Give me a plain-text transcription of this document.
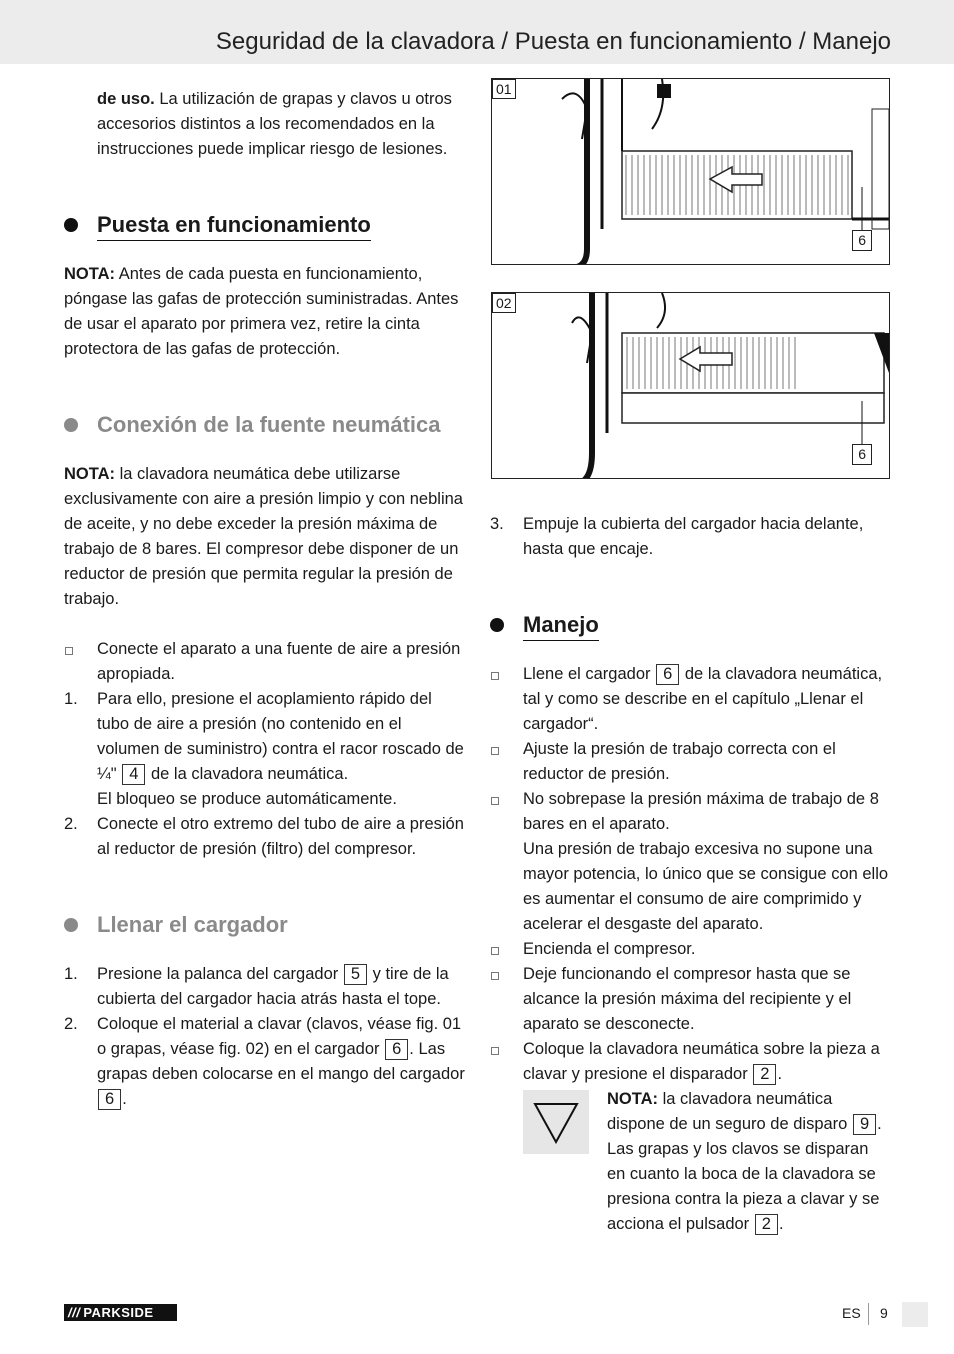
Seguridad de la clavadora / Puesta en funcionamiento / Manejo

de uso. La utilización de grapas y clavos u otros accesorios distintos a los recomendados en la instrucciones puede implicar riesgo de lesiones.

Puesta en funcionamiento

NOTA: Antes de cada puesta en funcionamiento, póngase las gafas de protección suministradas. Antes de usar el aparato por primera vez, retire la cinta protectora de las gafas de protección.

Conexión de la fuente neumática

NOTA: la clavadora neumática debe utilizarse exclusivamente con aire a presión limpio y con neblina de aceite, y no debe exceder la presión máxima de trabajo de 8 bares. El compresor debe disponer de un reductor de presión que permita regular la presión de trabajo.

Conecte el aparato a una fuente de aire a presión apropiada.
1. Para ello, presione el acoplamiento rápido del tubo de aire a presión (no contenido en el volumen de suministro) contra el racor roscado de ¼" 4 de la clavadora neumática.
El bloqueo se produce automáticamente.
2. Conecte el otro extremo del tubo de aire a presión al reductor de presión (filtro) del compresor.
Llenar el cargador
1. Presione la palanca del cargador 5 y tire de la cubierta del cargador hacia atrás hasta el tope.
2. Coloque el material a clavar (clavos, véase fig. 01 o grapas, véase fig. 02) en el cargador 6 . Las grapas deben colocarse en el mango del cargador 6 .
01
6
02
6
3. Empuje la cubierta del cargador hacia delante, hasta que encaje.
Manejo
Llene el cargador 6 de la clavadora neumática, tal y como se describe en el capítulo „Llenar el cargador“.
Ajuste la presión de trabajo correcta con el reductor de presión.
No sobrepase la presión máxima de trabajo de 8 bares en el aparato.
Una presión de trabajo excesiva no supone una mayor potencia, lo único que se consigue con ello es aumentar el consumo de aire comprimido y acelerar el desgaste del aparato.
Encienda el compresor.
Deje funcionando el compresor hasta que se alcance la presión máxima del recipiente y el aparato se desconecte.
Coloque la clavadora neumática sobre la pieza a clavar y presione el disparador 2 .

NOTA: la clavadora neumática dispone de un seguro de disparo 9 . Las grapas y los clavos se disparan en cuanto la boca de la clavadora se presiona contra la pieza a clavar y se acciona el pulsador 2 .

/// PARKSIDE	ES 9
